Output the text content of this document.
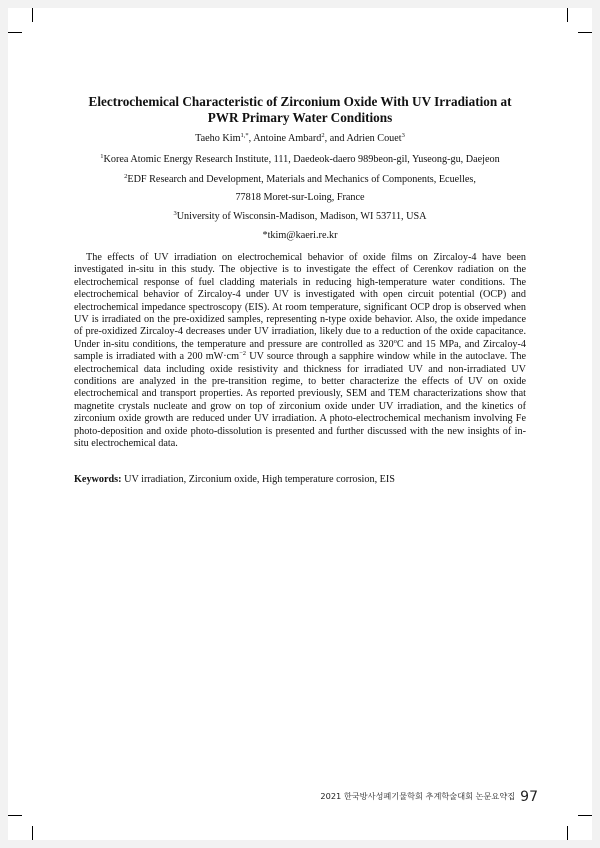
Electrochemical Characteristic of Zirconium Oxide With UV Irradiation at PWR Primary Water Conditions
Taeho Kim$^{1,*}$, Antoine Ambard$^2$, and Adrien Couet$^3$
$^1$Korea Atomic Energy Research Institute, 111, Daedeok-daero 989beon-gil, Yuseong-gu, Daejeon
$^2$EDF Research and Development, Materials and Mechanics of Components, Ecuelles,
77818 Moret-sur-Loing, France
$^3$University of Wisconsin-Madison, Madison, WI 53711, USA
*tkim@kaeri.re.kr

The effects of UV irradiation on electrochemical behavior of oxide films on Zircaloy-4 have been investigated in-situ in this study. The objective is to investigate the effect of Cerenkov radiation on the electrochemical response of fuel cladding materials in reducing high-temperature water conditions. The electrochemical behavior of Zircaloy-4 under UV is investigated with open circuit potential (OCP) and electrochemical impedance spectroscopy (EIS). At room temperature, significant OCP drop is observed when UV is irradiated on the pre-oxidized samples, representing n-type oxide behavior. Also, the oxide impedance of pre-oxidized Zircaloy-4 decreases under UV irradiation, likely due to a reduction of the oxide capacitance. Under in-situ conditions, the temperature and pressure are controlled as 320$^o$C and 15 MPa, and Zircaloy-4 sample is irradiated with a 200 $mW\cdot cm^{-2}$ UV source through a sapphire window while in the autoclave. The electrochemical data including oxide resistivity and thickness for irradiated UV and non-irradiated UV conditions are analyzed in the pre-transition regime, to better characterize the effects of UV on oxide electrochemical and transport properties. As reported previously, SEM and TEM characterizations show that magnetite crystals nucleate and grow on top of zirconium oxide under UV irradiation, and the kinetics of zirconium oxide growth are reduced under UV irradiation. A photo-electrochemical mechanism involving Fe photo-deposition and oxide photo-dissolution is presented and further discussed with the new insights of in-situ electrochemical data.

Keywords: UV irradiation, Zirconium oxide, High temperature corrosion, EIS
2021 한국방사성폐기물학회 추계학술대회 논문요약집 97
